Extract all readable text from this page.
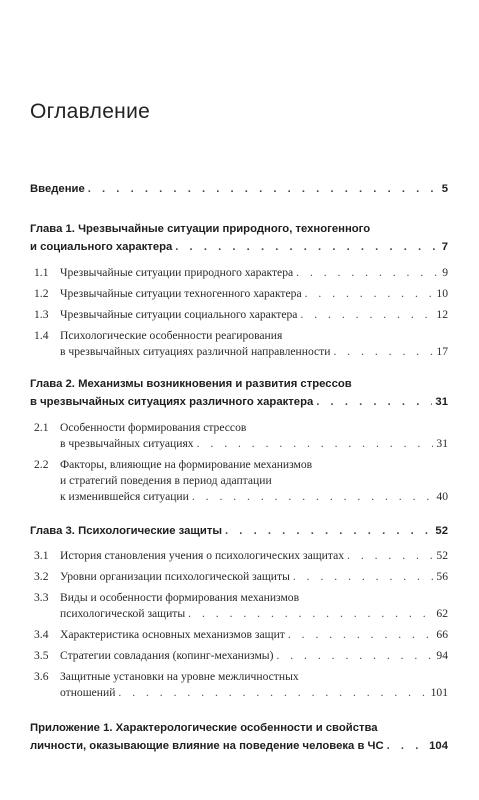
Оглавление
Введение . . .	5
Глава 1. Чрезвычайные ситуации природного, техногенного
и социального характера . . .	7
1.1 Чрезвычайные ситуации природного характера . . .	9
1.2 Чрезвычайные ситуации техногенного характера . . .	10
1.3 Чрезвычайные ситуации социального характера . . .	12
1.4 Психологические особенности реагирования
в чрезвычайных ситуациях различной направленности . . .	17
Глава 2. Механизмы возникновения и развития стрессов
в чрезвычайных ситуациях различного характера . . .	31
2.1 Особенности формирования стрессов
в чрезвычайных ситуациях . . .	31
2.2 Факторы, влияющие на формирование механизмов
и стратегий поведения в период адаптации
к изменившейся ситуации . . .	40
Глава 3. Психологические защиты . . .	52
3.1 История становления учения о психологических защитах . . .	52
3.2 Уровни организации психологической защиты . . .	56
3.3 Виды и особенности формирования механизмов
психологической защиты . . .	62
3.4 Характеристика основных механизмов защит . . .	66
3.5 Стратегии совладания (копинг-механизмы) . . .	94
3.6 Защитные установки на уровне межличностных
отношений . . .	101
Приложение 1. Характерологические особенности и свойства
личности, оказывающие влияние на поведение человека в ЧС . . .	104
